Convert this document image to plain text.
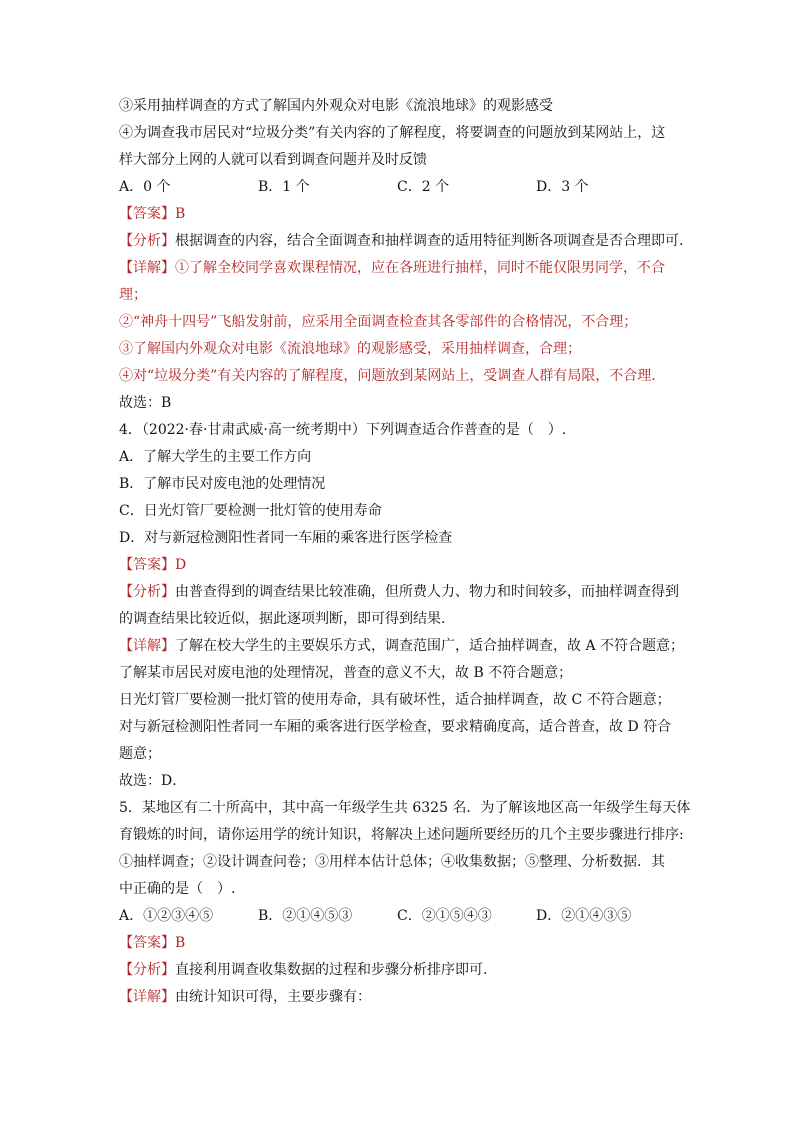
③采用抽样调查的方式了解国内外观众对电影《流浪地球》的观影感受
④为调查我市居民对“垃圾分类”有关内容的了解程度，将要调查的问题放到某网站上，这
样大部分上网的人就可以看到调查问题并及时反馈
A．0 个	B．1 个	C．2 个	D．3 个
【答案】B
【分析】根据调查的内容，结合全面调查和抽样调查的适用特征判断各项调查是否合理即可.
【详解】①了解全校同学喜欢课程情况，应在各班进行抽样，同时不能仅限男同学，不合
理；
②“神舟十四号”飞船发射前，应采用全面调查检查其各零部件的合格情况，不合理；
③了解国内外观众对电影《流浪地球》的观影感受，采用抽样调查，合理；
④对“垃圾分类”有关内容的了解程度，问题放到某网站上，受调查人群有局限，不合理.
故选：B
4．（2022·春·甘肃武威·高一统考期中）下列调查适合作普查的是（　）.
A．了解大学生的主要工作方向
B．了解市民对废电池的处理情况
C．日光灯管厂要检测一批灯管的使用寿命
D．对与新冠检测阳性者同一车厢的乘客进行医学检查
【答案】D
【分析】由普查得到的调查结果比较准确，但所费人力、物力和时间较多，而抽样调查得到
的调查结果比较近似，据此逐项判断，即可得到结果.
【详解】了解在校大学生的主要娱乐方式，调查范围广，适合抽样调查，故 A 不符合题意；
了解某市居民对废电池的处理情况，普查的意义不大，故 B 不符合题意；
日光灯管厂要检测一批灯管的使用寿命，具有破坏性，适合抽样调查，故 C 不符合题意；
对与新冠检测阳性者同一车厢的乘客进行医学检查，要求精确度高，适合普查，故 D 符合
题意；
故选：D．
5．某地区有二十所高中，其中高一年级学生共 6325 名．为了解该地区高一年级学生每天体
育锻炼的时间，请你运用学的统计知识，将解决上述问题所要经历的几个主要步骤进行排序:
①抽样调查；②设计调查问卷；③用样本估计总体；④收集数据；⑤整理、分析数据．其
中正确的是（　）.
A．①②③④⑤	B．②①④⑤③	C．②①⑤④③	D．②①④③⑤
【答案】B
【分析】直接利用调查收集数据的过程和步骤分析排序即可.
【详解】由统计知识可得，主要步骤有：
